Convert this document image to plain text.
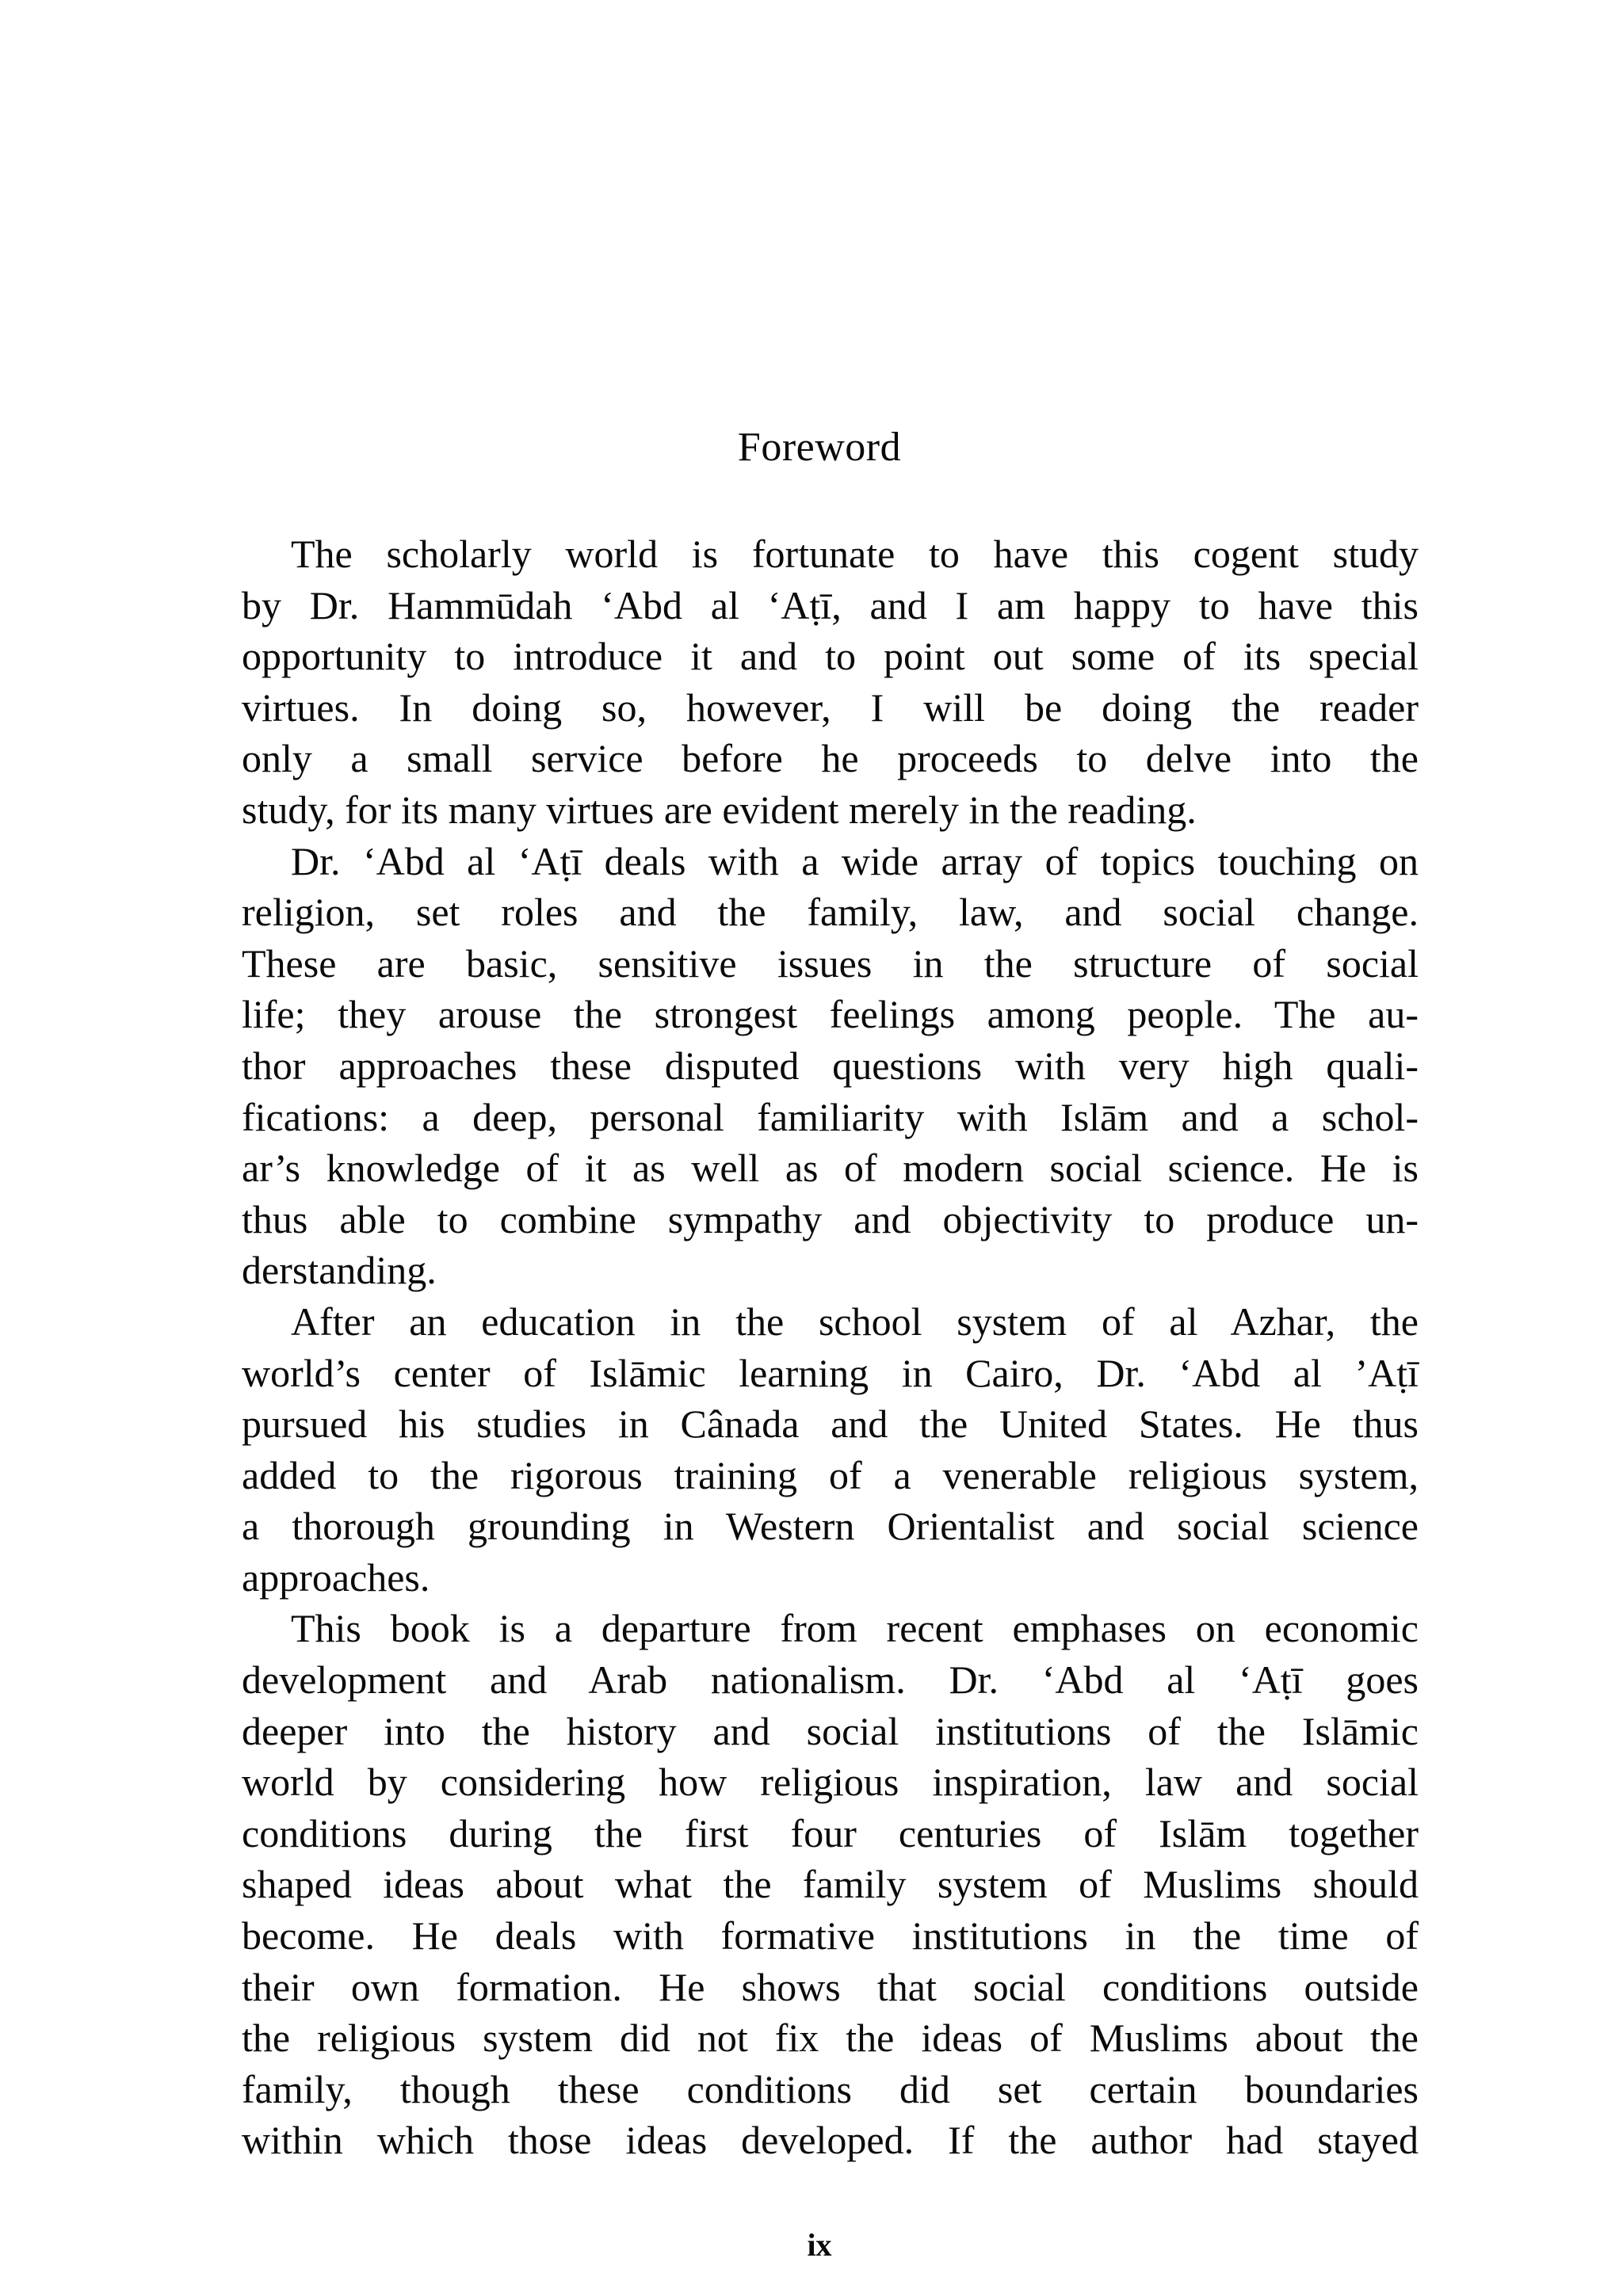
Foreword
The scholarly world is fortunate to have this cogent study
by Dr. Hammūdah ‘Abd al ‘Aṭī, and I am happy to have this
opportunity to introduce it and to point out some of its special
virtues. In doing so, however, I will be doing the reader
only a small service before he proceeds to delve into the
study, for its many virtues are evident merely in the reading.
Dr. ‘Abd al ‘Aṭī deals with a wide array of topics touching on
religion, set roles and the family, law, and social change.
These are basic, sensitive issues in the structure of social
life; they arouse the strongest feelings among people. The au-
thor approaches these disputed questions with very high quali-
fications: a deep, personal familiarity with Islām and a schol-
ar’s knowledge of it as well as of modern social science. He is
thus able to combine sympathy and objectivity to produce un-
derstanding.
After an education in the school system of al Azhar, the
world’s center of Islāmic learning in Cairo, Dr. ‘Abd al ’Aṭī
pursued his studies in Cânada and the United States. He thus
added to the rigorous training of a venerable religious system,
a thorough grounding in Western Orientalist and social science
approaches.
This book is a departure from recent emphases on economic
development and Arab nationalism. Dr. ‘Abd al ‘Aṭī goes
deeper into the history and social institutions of the Islāmic
world by considering how religious inspiration, law and social
conditions during the first four centuries of Islām together
shaped ideas about what the family system of Muslims should
become. He deals with formative institutions in the time of
their own formation. He shows that social conditions outside
the religious system did not fix the ideas of Muslims about the
family, though these conditions did set certain boundaries
within which those ideas developed. If the author had stayed
ix
